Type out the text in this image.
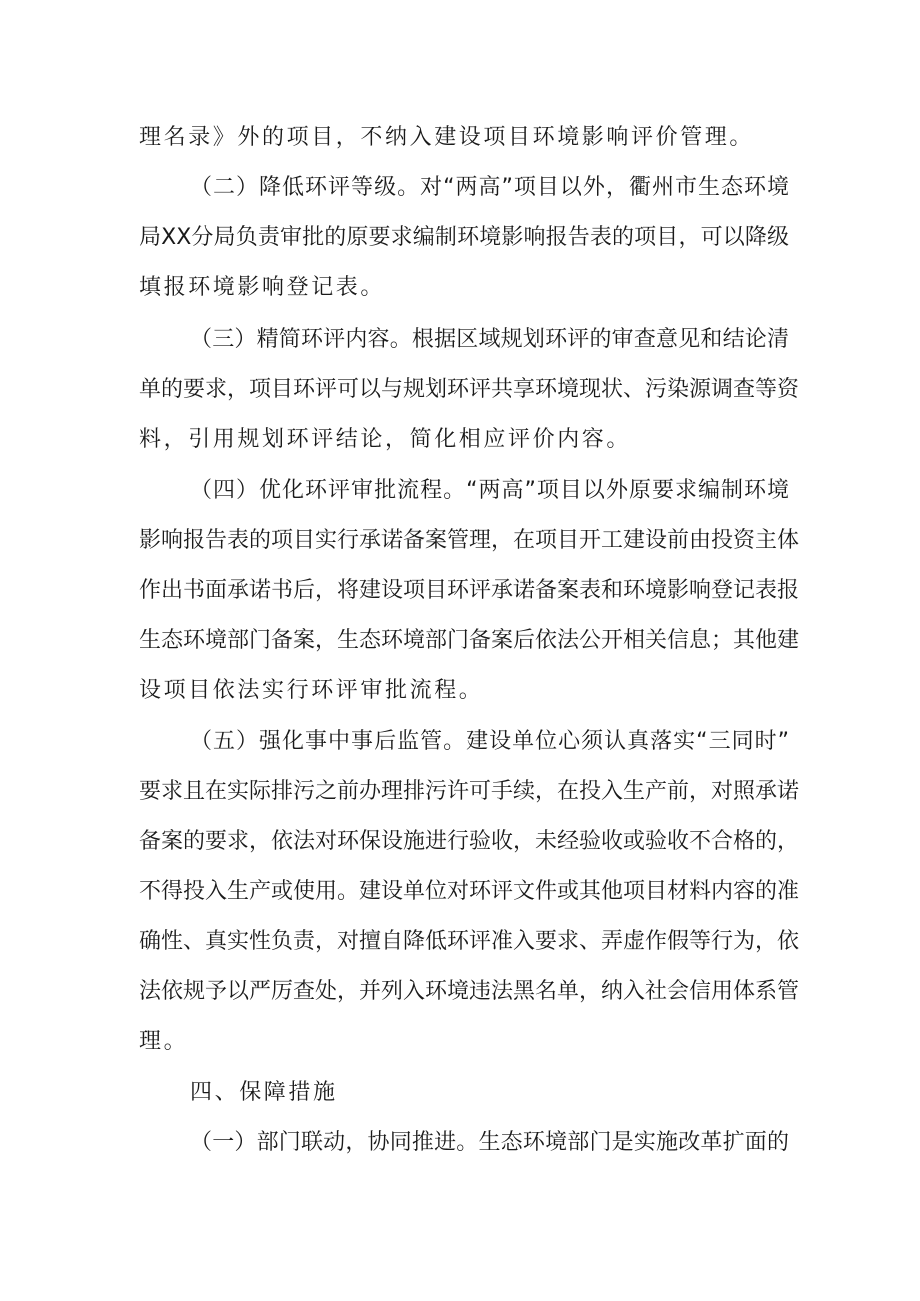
理名录》外的项目，不纳入建设项目环境影响评价管理。
（二）降低环评等级。对“两高”项目以外，衢州市生态环境
局XX分局负责审批的原要求编制环境影响报告表的项目，可以降级
填报环境影响登记表。
（三）精简环评内容。根据区域规划环评的审查意见和结论清
单的要求，项目环评可以与规划环评共享环境现状、污染源调查等资
料，引用规划环评结论，简化相应评价内容。
（四）优化环评审批流程。“两高”项目以外原要求编制环境
影响报告表的项目实行承诺备案管理，在项目开工建设前由投资主体
作出书面承诺书后，将建设项目环评承诺备案表和环境影响登记表报
生态环境部门备案，生态环境部门备案后依法公开相关信息；其他建
设项目依法实行环评审批流程。
（五）强化事中事后监管。建设单位心须认真落实“三同时”
要求且在实际排污之前办理排污许可手续，在投入生产前，对照承诺
备案的要求，依法对环保设施进行验收，未经验收或验收不合格的，
不得投入生产或使用。建设单位对环评文件或其他项目材料内容的准
确性、真实性负责，对擅自降低环评准入要求、弄虚作假等行为，依
法依规予以严厉查处，并列入环境违法黑名单，纳入社会信用体系管
理。
四、保障措施
（一）部门联动，协同推进。生态环境部门是实施改革扩面的
